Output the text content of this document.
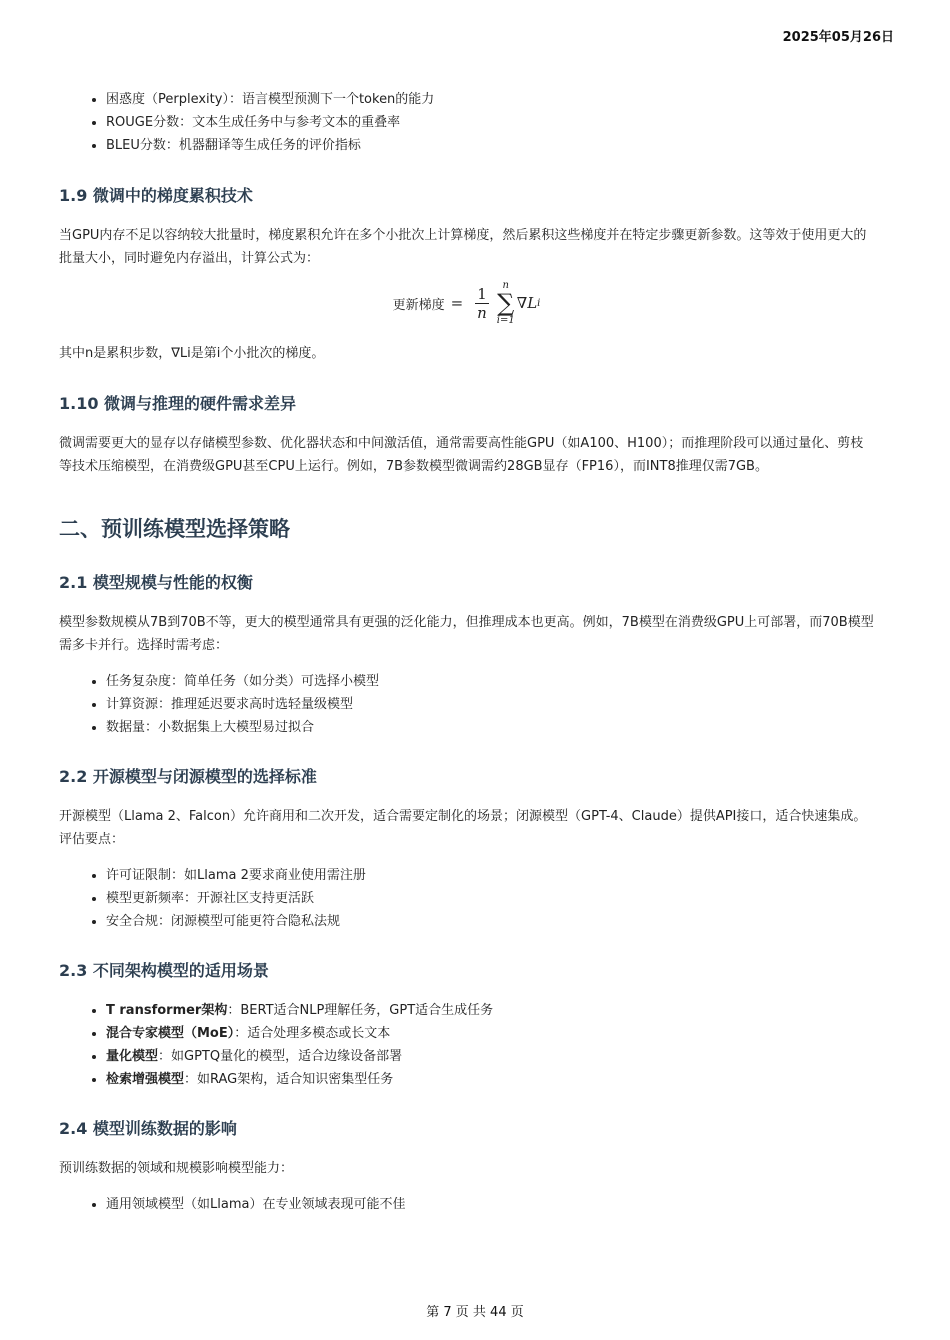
2025年05月26日
• 困惑度（Perplexity）：语言模型预测下一个token的能力
• ROUGE分数：文本生成任务中与参考文本的重叠率
• BLEU分数：机器翻译等生成任务的评价指标
1.9 微调中的梯度累积技术

当GPU内存不足以容纳较大批量时，梯度累积允许在多个小批次上计算梯度，然后累积这些梯度并在特定步骤更新参数。这等效于使用更大的批量大小，同时避免内存溢出，计算公式为：

更新梯度 = $\frac{1}{n}$ n
∑
i=1
∇L i

其中n是累积步数，∇Li是第i个小批次的梯度。

1.10 微调与推理的硬件需求差异

微调需要更大的显存以存储模型参数、优化器状态和中间激活值，通常需要高性能GPU（如A100、H100）；而推理阶段可以通过量化、剪枝等技术压缩模型，在消费级GPU甚至CPU上运行。例如，7B参数模型微调需约28GB显存（FP16），而INT8推理仅需7GB。

二、预训练模型选择策略
2.1 模型规模与性能的权衡

模型参数规模从7B到70B不等，更大的模型通常具有更强的泛化能力，但推理成本也更高。例如，7B模型在消费级GPU上可部署，而70B模型需多卡并行。选择时需考虑：

• 任务复杂度：简单任务（如分类）可选择小模型
• 计算资源：推理延迟要求高时选轻量级模型
• 数据量：小数据集上大模型易过拟合
2.2 开源模型与闭源模型的选择标准

开源模型（Llama 2、Falcon）允许商用和二次开发，适合需要定制化的场景；闭源模型（GPT-4、Claude）提供API接口，适合快速集成。评估要点：

• 许可证限制：如Llama 2要求商业使用需注册
• 模型更新频率：开源社区支持更活跃
• 安全合规：闭源模型可能更符合隐私法规
2.3 不同架构模型的适用场景
• T ransformer架构：BERT适合NLP理解任务，GPT适合生成任务
• 混合专家模型（MoE）：适合处理多模态或长文本
• 量化模型：如GPTQ量化的模型，适合边缘设备部署
• 检索增强模型：如RAG架构，适合知识密集型任务
2.4 模型训练数据的影响

预训练数据的领域和规模影响模型能力：

• 通用领域模型（如Llama）在专业领域表现可能不佳
第 7 页 共 44 页
